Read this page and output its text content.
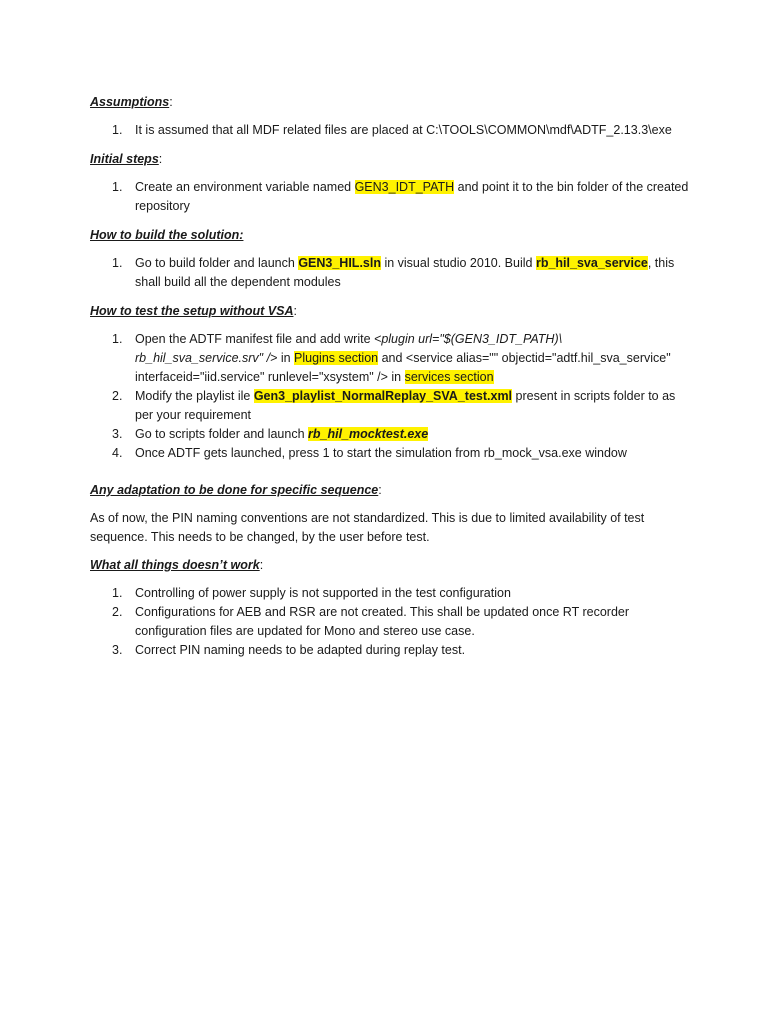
Assumptions:
1. It is assumed that all MDF related files are placed at C:\TOOLS\COMMON\mdf\ADTF_2.13.3\exe
Initial steps:
1. Create an environment variable named GEN3_IDT_PATH and point it to the bin folder of the created repository
How to build the solution:
1. Go to build folder and launch GEN3_HIL.sln in visual studio 2010. Build rb_hil_sva_service, this shall build all the dependent modules
How to test the setup without VSA:
1. Open the ADTF manifest file and add write <plugin url="$(GEN3_IDT_PATH)\ rb_hil_sva_service.srv" /> in Plugins section and <service alias="" objectid="adtf.hil_sva_service" interfaceid="iid.service" runlevel="xsystem" /> in services section
2. Modify the playlist ile Gen3_playlist_NormalReplay_SVA_test.xml present in scripts folder to as per your requirement
3. Go to scripts folder and launch rb_hil_mocktest.exe
4. Once ADTF gets launched, press 1 to start the simulation from rb_mock_vsa.exe window
Any adaptation to be done for specific sequence:
As of now, the PIN naming conventions are not standardized. This is due to limited availability of test sequence. This needs to be changed, by the user before test.
What all things doesn’t work:
1. Controlling of power supply is not supported in the test configuration
2. Configurations for AEB and RSR are not created. This shall be updated once RT recorder configuration files are updated for Mono and stereo use case.
3. Correct PIN naming needs to be adapted during replay test.
